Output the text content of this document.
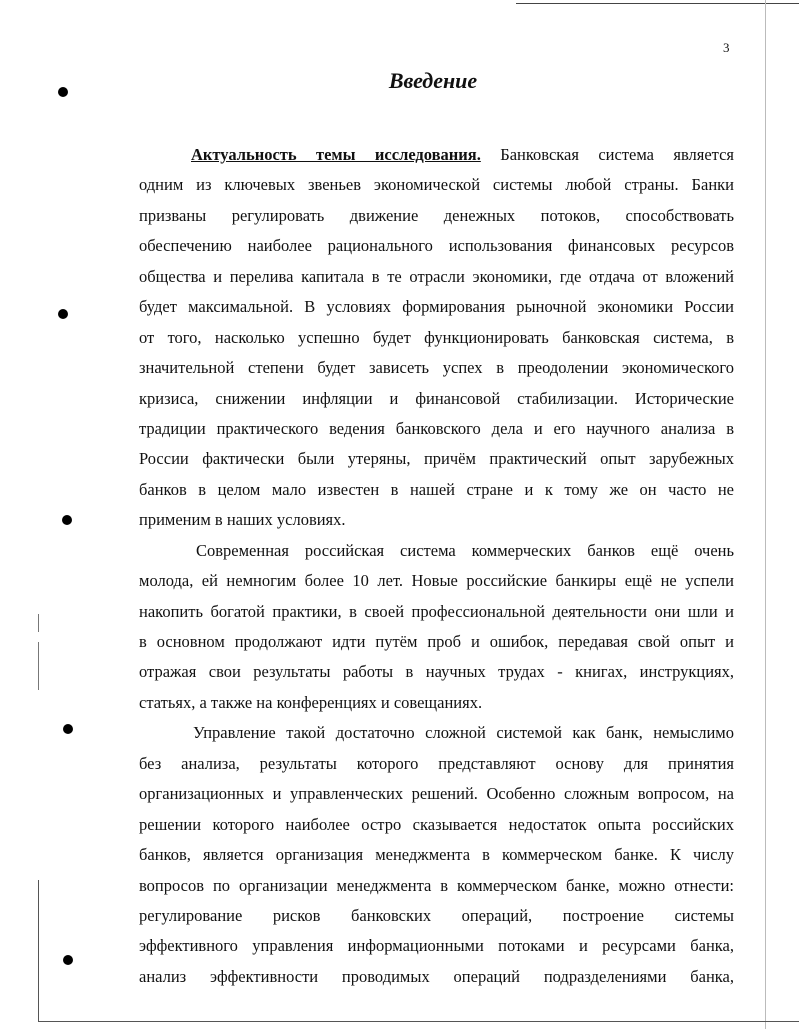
3
Введение
Актуальность темы исследования. Банковская система является
одним из ключевых звеньев экономической системы любой страны. Банки
призваны регулировать движение денежных потоков, способствовать
обеспечению наиболее рационального использования финансовых ресурсов
общества и перелива капитала в те отрасли экономики, где отдача от вложений
будет максимальной. В условиях формирования рыночной экономики России
от того, насколько успешно будет функционировать банковская система, в
значительной степени будет зависеть успех в преодолении экономического
кризиса, снижении инфляции и финансовой стабилизации. Исторические
традиции практического ведения банковского дела и его научного анализа в
России фактически были утеряны, причём практический опыт зарубежных
банков в целом мало известен в нашей стране и к тому же он часто не
применим в наших условиях.
Современная российская система коммерческих банков ещё очень
молода, ей немногим более 10 лет. Новые российские банкиры ещё не успели
накопить богатой практики, в своей профессиональной деятельности они шли и
в основном продолжают идти путём проб и ошибок, передавая свой опыт и
отражая свои результаты работы в научных трудах - книгах, инструкциях,
статьях, а также на конференциях и совещаниях.
Управление такой достаточно сложной системой как банк, немыслимо
без анализа, результаты которого представляют основу для принятия
организационных и управленческих решений. Особенно сложным вопросом, на
решении которого наиболее остро сказывается недостаток опыта российских
банков, является организация менеджмента в коммерческом банке. К числу
вопросов по организации менеджмента в коммерческом банке, можно отнести:
регулирование рисков банковских операций, построение системы
эффективного управления информационными потоками и ресурсами банка,
анализ эффективности проводимых операций подразделениями банка,
